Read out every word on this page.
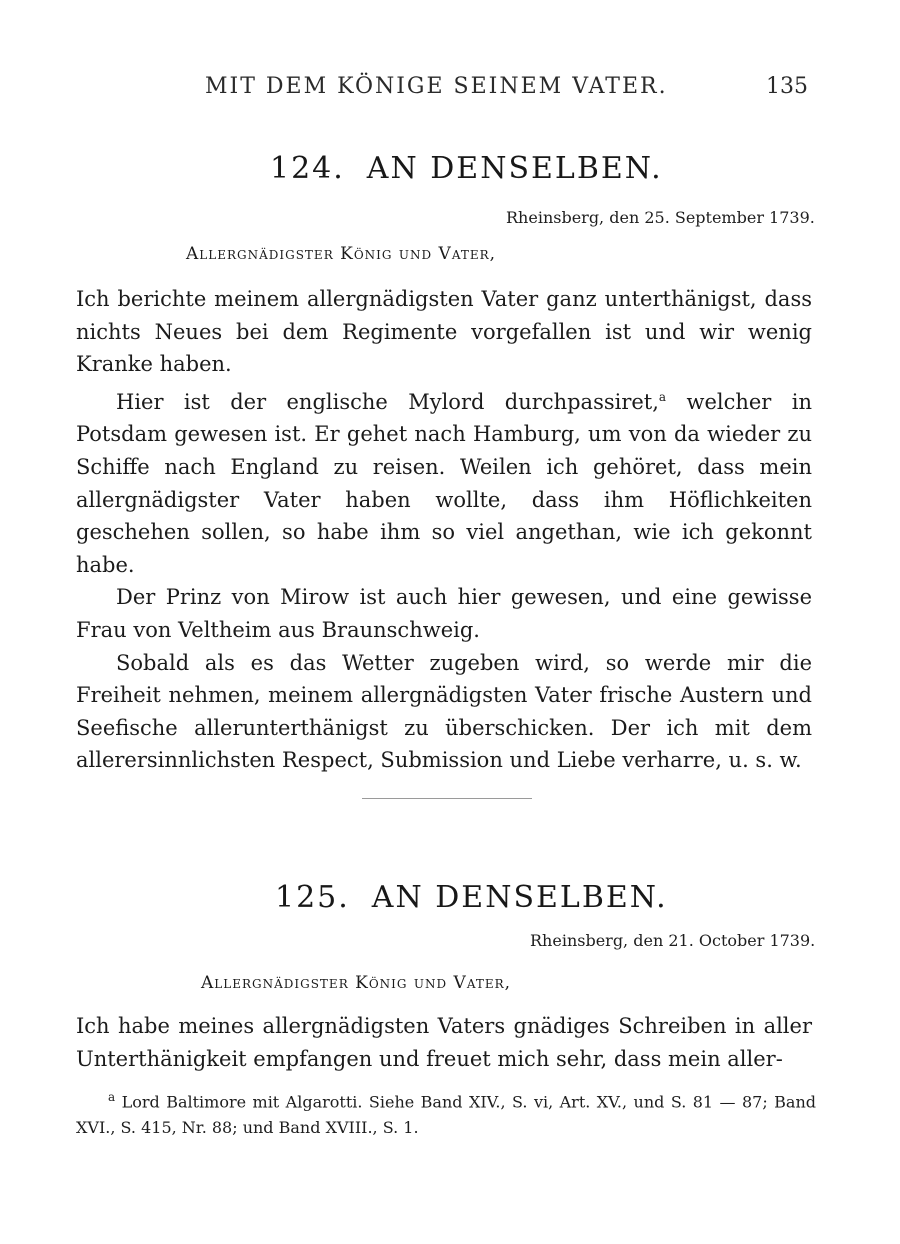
MIT DEM KÖNIGE SEINEM VATER.	135
124. AN DENSELBEN.
Rheinsberg, den 25. September 1739.
Allergnädigster König und Vater,

Ich berichte meinem allergnädigsten Vater ganz unterthänigst, dass nichts Neues bei dem Regimente vorgefallen ist und wir wenig Kranke haben.

Hier ist der englische Mylord durchpassiret,$^a$ welcher in Potsdam gewesen ist. Er gehet nach Hamburg, um von da wieder zu Schiffe nach England zu reisen. Weilen ich gehöret, dass mein allergnädigster Vater haben wollte, dass ihm Höflichkeiten geschehen sollen, so habe ihm so viel angethan, wie ich gekonnt habe.

Der Prinz von Mirow ist auch hier gewesen, und eine gewisse Frau von Veltheim aus Braunschweig.

Sobald als es das Wetter zugeben wird, so werde mir die Freiheit nehmen, meinem allergnädigsten Vater frische Austern und Seefische allerunterthänigst zu überschicken. Der ich mit dem allerersinnlichsten Respect, Submission und Liebe verharre, u. s. w.

125. AN DENSELBEN.
Rheinsberg, den 21. October 1739.
Allergnädigster König und Vater,

Ich habe meines allergnädigsten Vaters gnädiges Schreiben in aller Unterthänigkeit empfangen und freuet mich sehr, dass mein aller-

$^a$ Lord Baltimore mit Algarotti. Siehe Band XIV., S. vi, Art. XV., und S. 81 — 87; Band XVI., S. 415, Nr. 88; und Band XVIII., S. 1.
